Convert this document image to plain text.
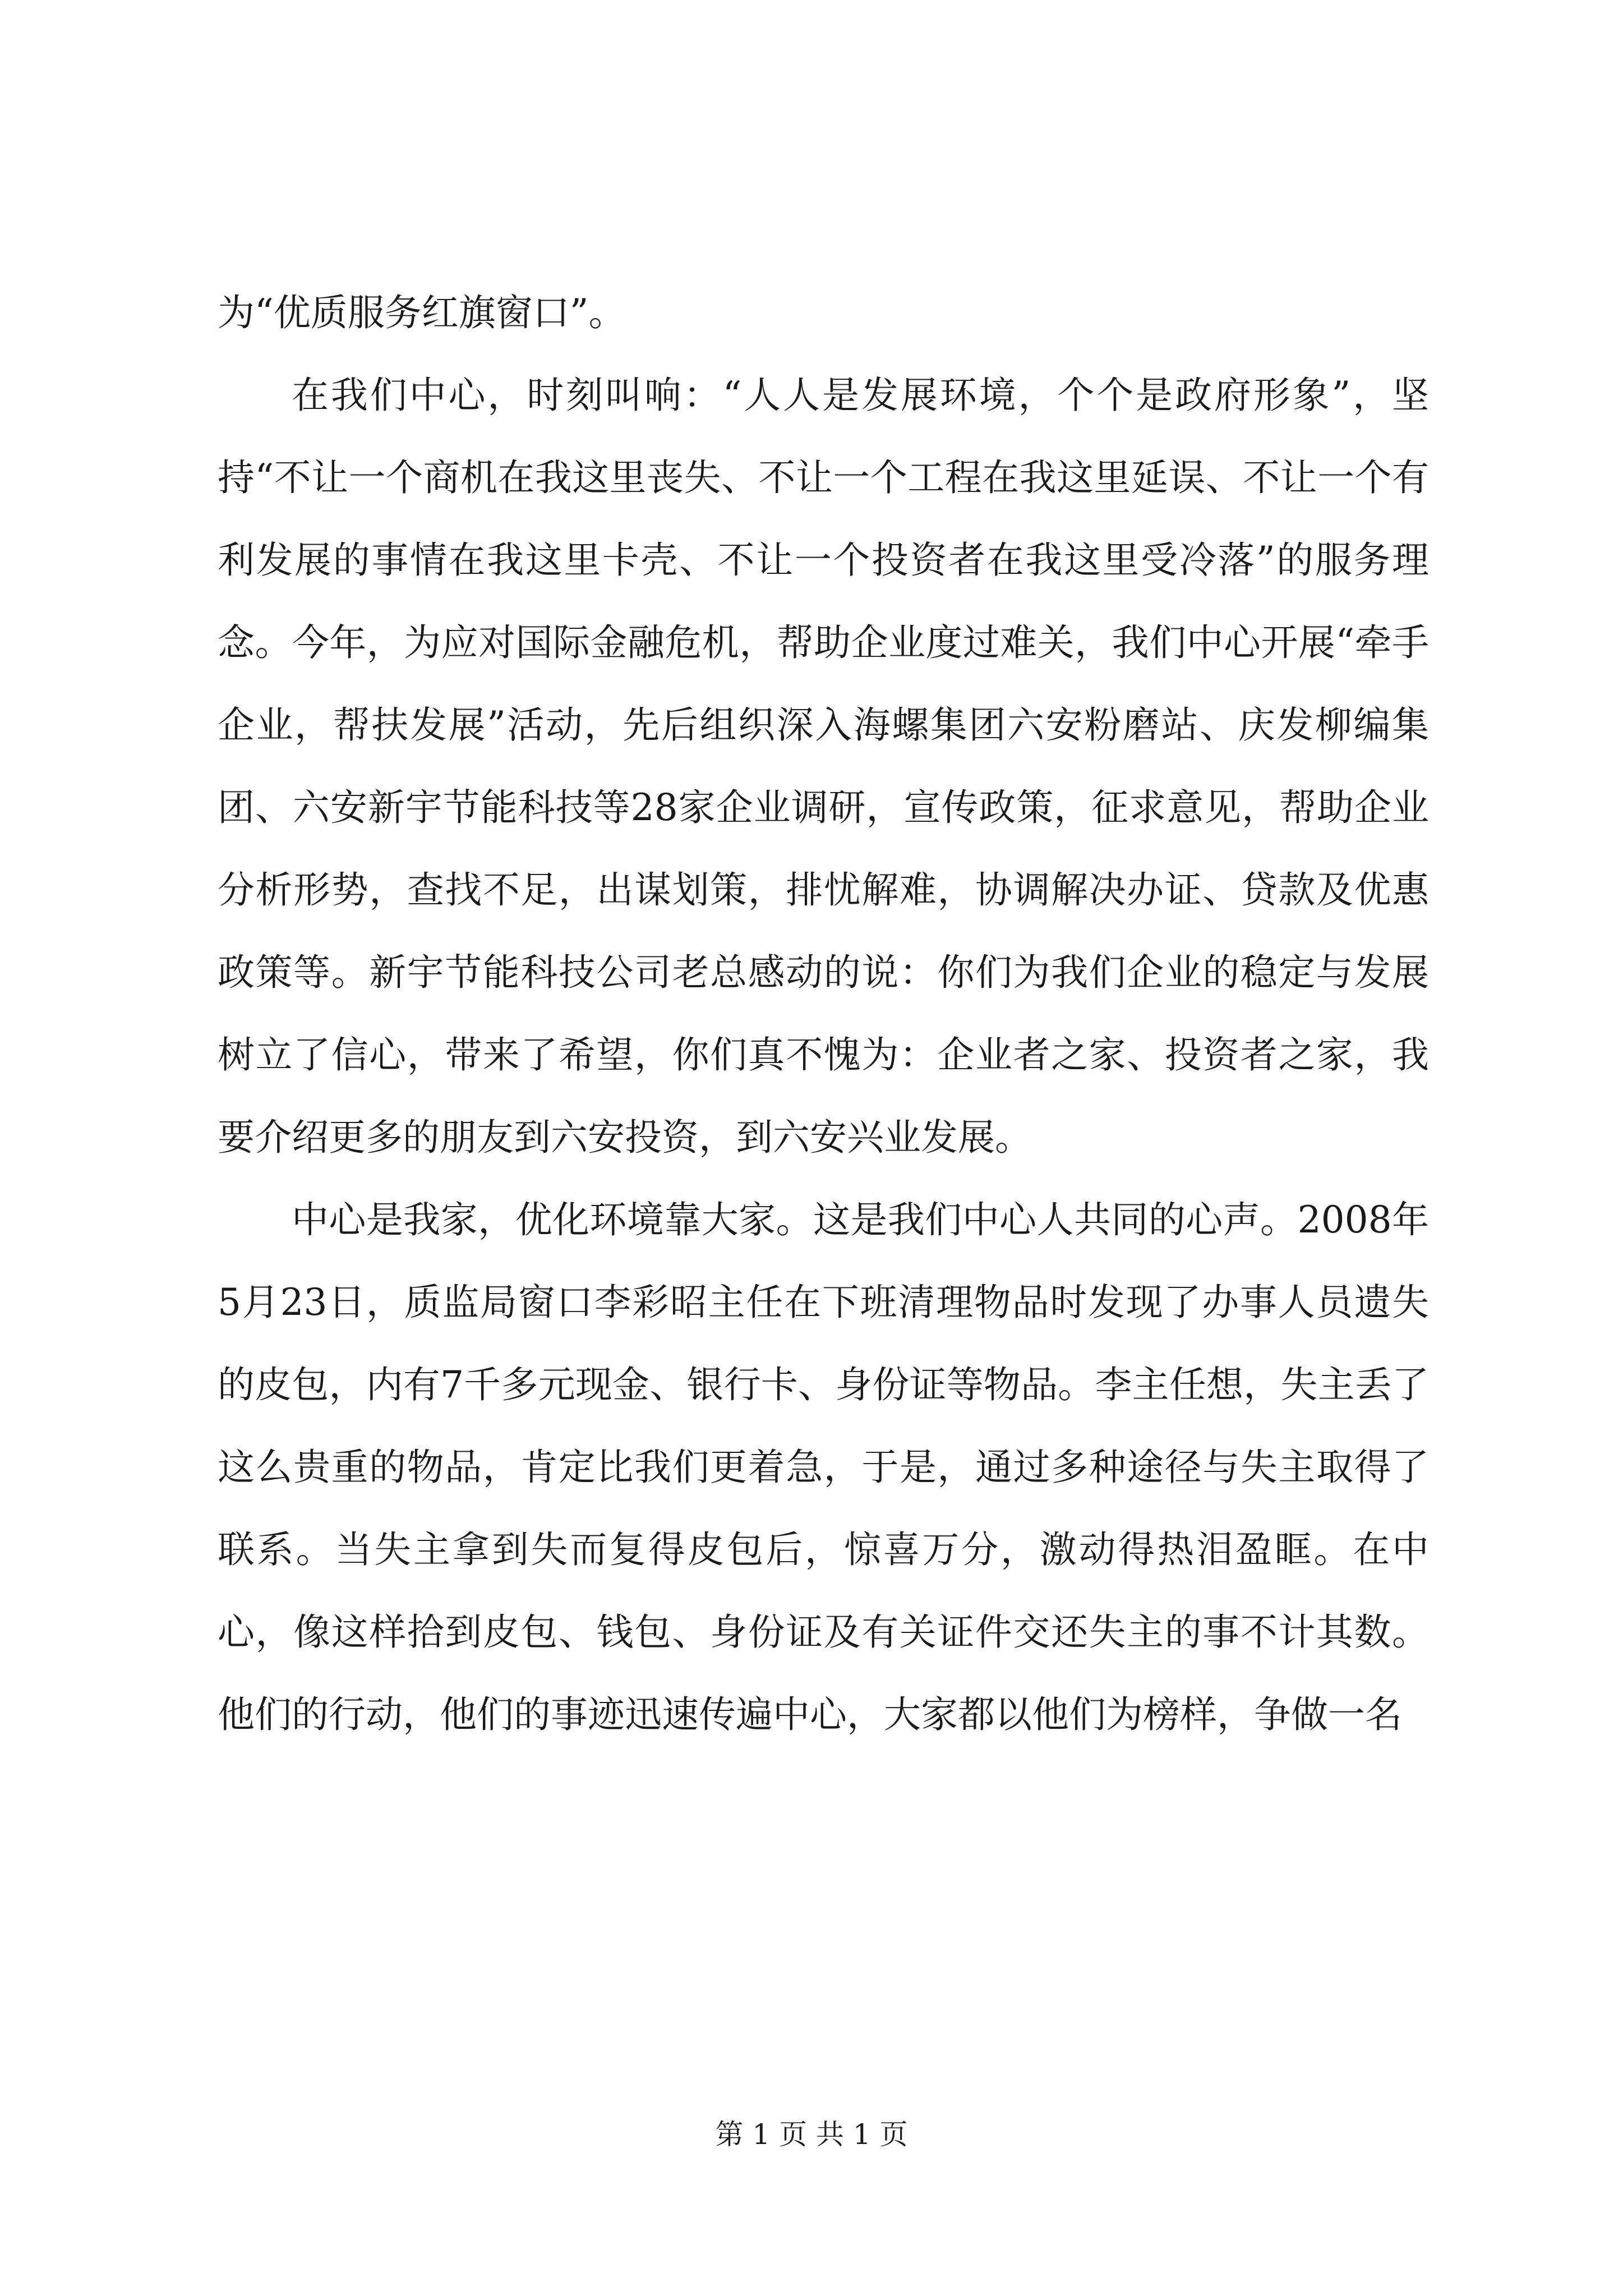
为“优质服务红旗窗口”。

在我们中心，时刻叫响：“人人是发展环境，个个是政府形象”，坚持“不让一个商机在我这里丧失、不让一个工程在我这里延误、不让一个有利发展的事情在我这里卡壳、不让一个投资者在我这里受冷落”的服务理念。今年，为应对国际金融危机，帮助企业度过难关，我们中心开展“牵手企业，帮扶发展”活动，先后组织深入海螺集团六安粉磨站、庆发柳编集团、六安新宇节能科技等28家企业调研，宣传政策，征求意见，帮助企业分析形势，查找不足，出谋划策，排忧解难，协调解决办证、贷款及优惠政策等。新宇节能科技公司老总感动的说：你们为我们企业的稳定与发展树立了信心，带来了希望，你们真不愧为：企业者之家、投资者之家，我要介绍更多的朋友到六安投资，到六安兴业发展。

中心是我家，优化环境靠大家。这是我们中心人共同的心声。2008年5月23日，质监局窗口李彩昭主任在下班清理物品时发现了办事人员遗失的皮包，内有7千多元现金、银行卡、身份证等物品。李主任想，失主丢了这么贵重的物品，肯定比我们更着急，于是，通过多种途径与失主取得了联系。当失主拿到失而复得皮包后，惊喜万分，激动得热泪盈眶。在中心，像这样拾到皮包、钱包、身份证及有关证件交还失主的事不计其数。他们的行动，他们的事迹迅速传遍中心，大家都以他们为榜样，争做一名

第 1 页 共 1 页
